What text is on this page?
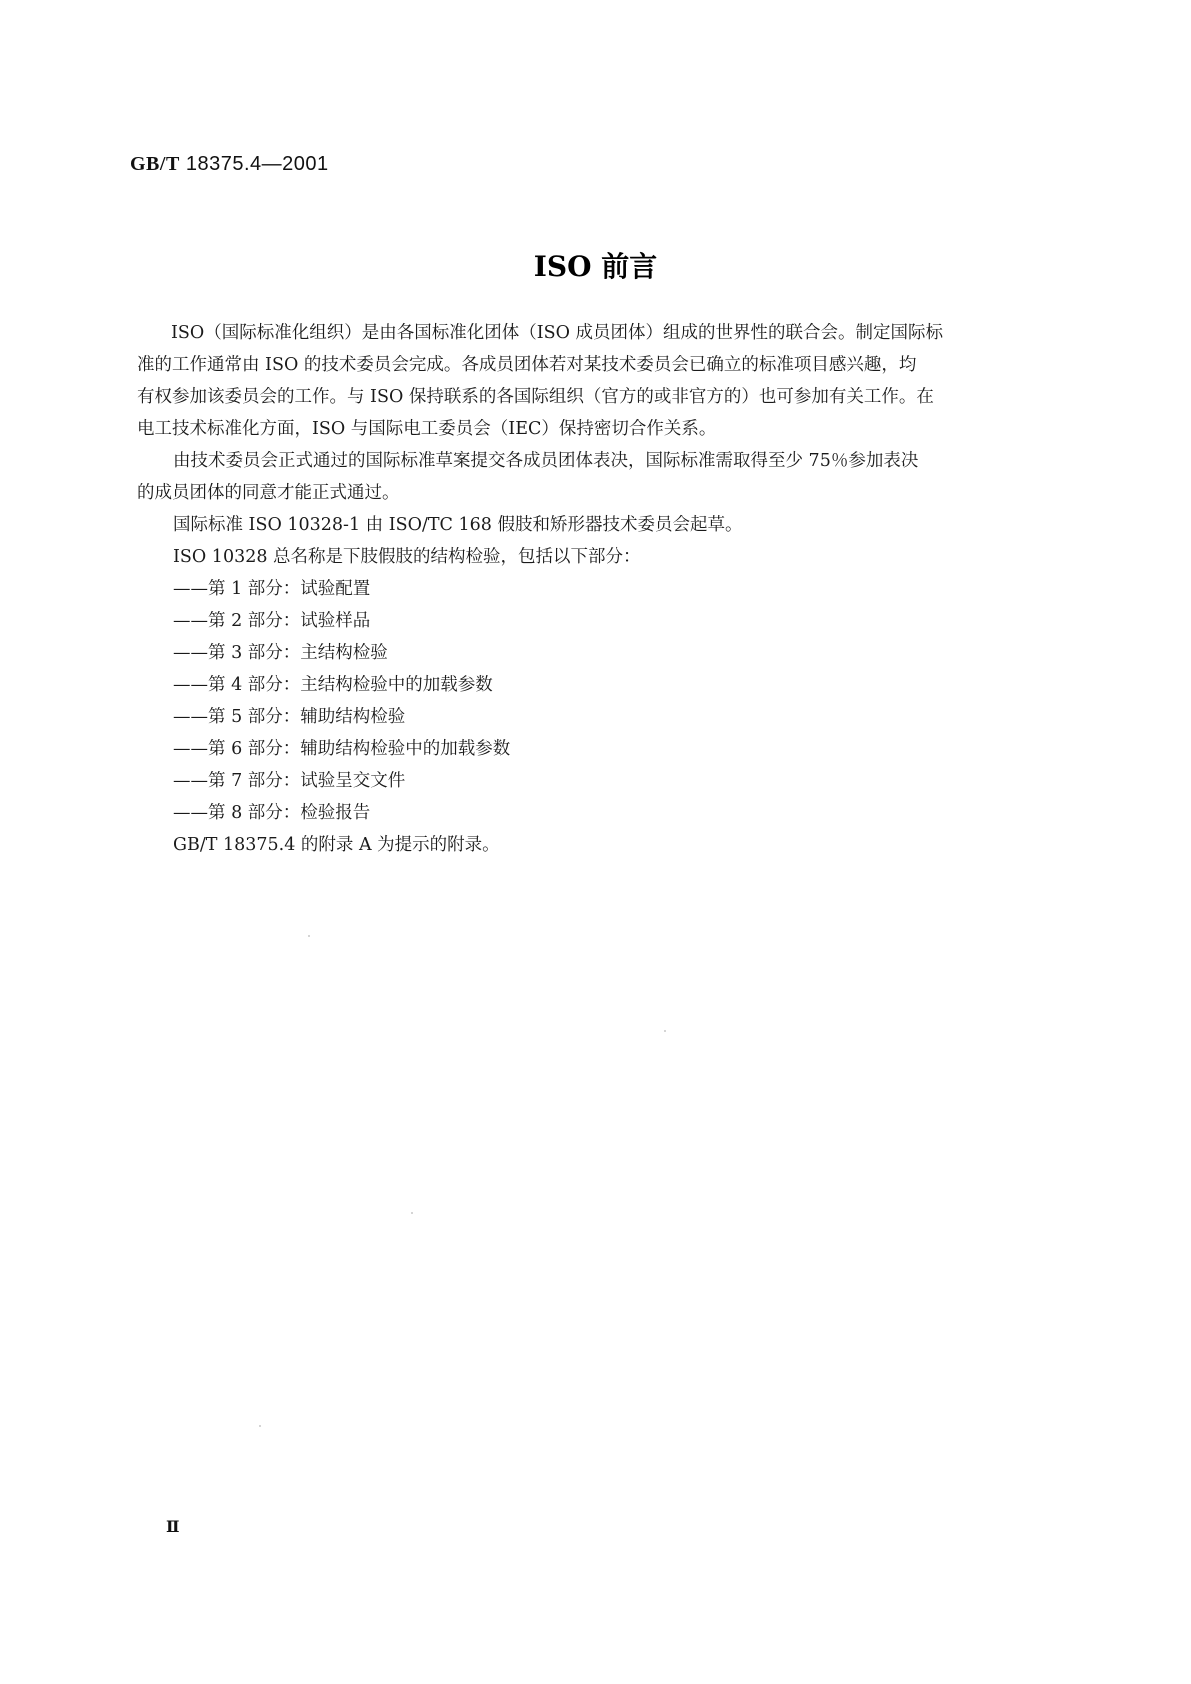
GB/T 18375.4—2001
ISO 前言
ISO（国际标准化组织）是由各国标准化团体（ISO 成员团体）组成的世界性的联合会。制定国际标
准的工作通常由 ISO 的技术委员会完成。各成员团体若对某技术委员会已确立的标准项目感兴趣，均
有权参加该委员会的工作。与 ISO 保持联系的各国际组织（官方的或非官方的）也可参加有关工作。在
电工技术标准化方面，ISO 与国际电工委员会（IEC）保持密切合作关系。
由技术委员会正式通过的国际标准草案提交各成员团体表决，国际标准需取得至少 75％参加表决
的成员团体的同意才能正式通过。
国际标准 ISO 10328-1 由 ISO/TC 168 假肢和矫形器技术委员会起草。
ISO 10328 总名称是下肢假肢的结构检验，包括以下部分：
——第 1 部分：试验配置
——第 2 部分：试验样品
——第 3 部分：主结构检验
——第 4 部分：主结构检验中的加载参数
——第 5 部分：辅助结构检验
——第 6 部分：辅助结构检验中的加载参数
——第 7 部分：试验呈交文件
——第 8 部分：检验报告
GB/T 18375.4 的附录 A 为提示的附录。
Ⅱ
